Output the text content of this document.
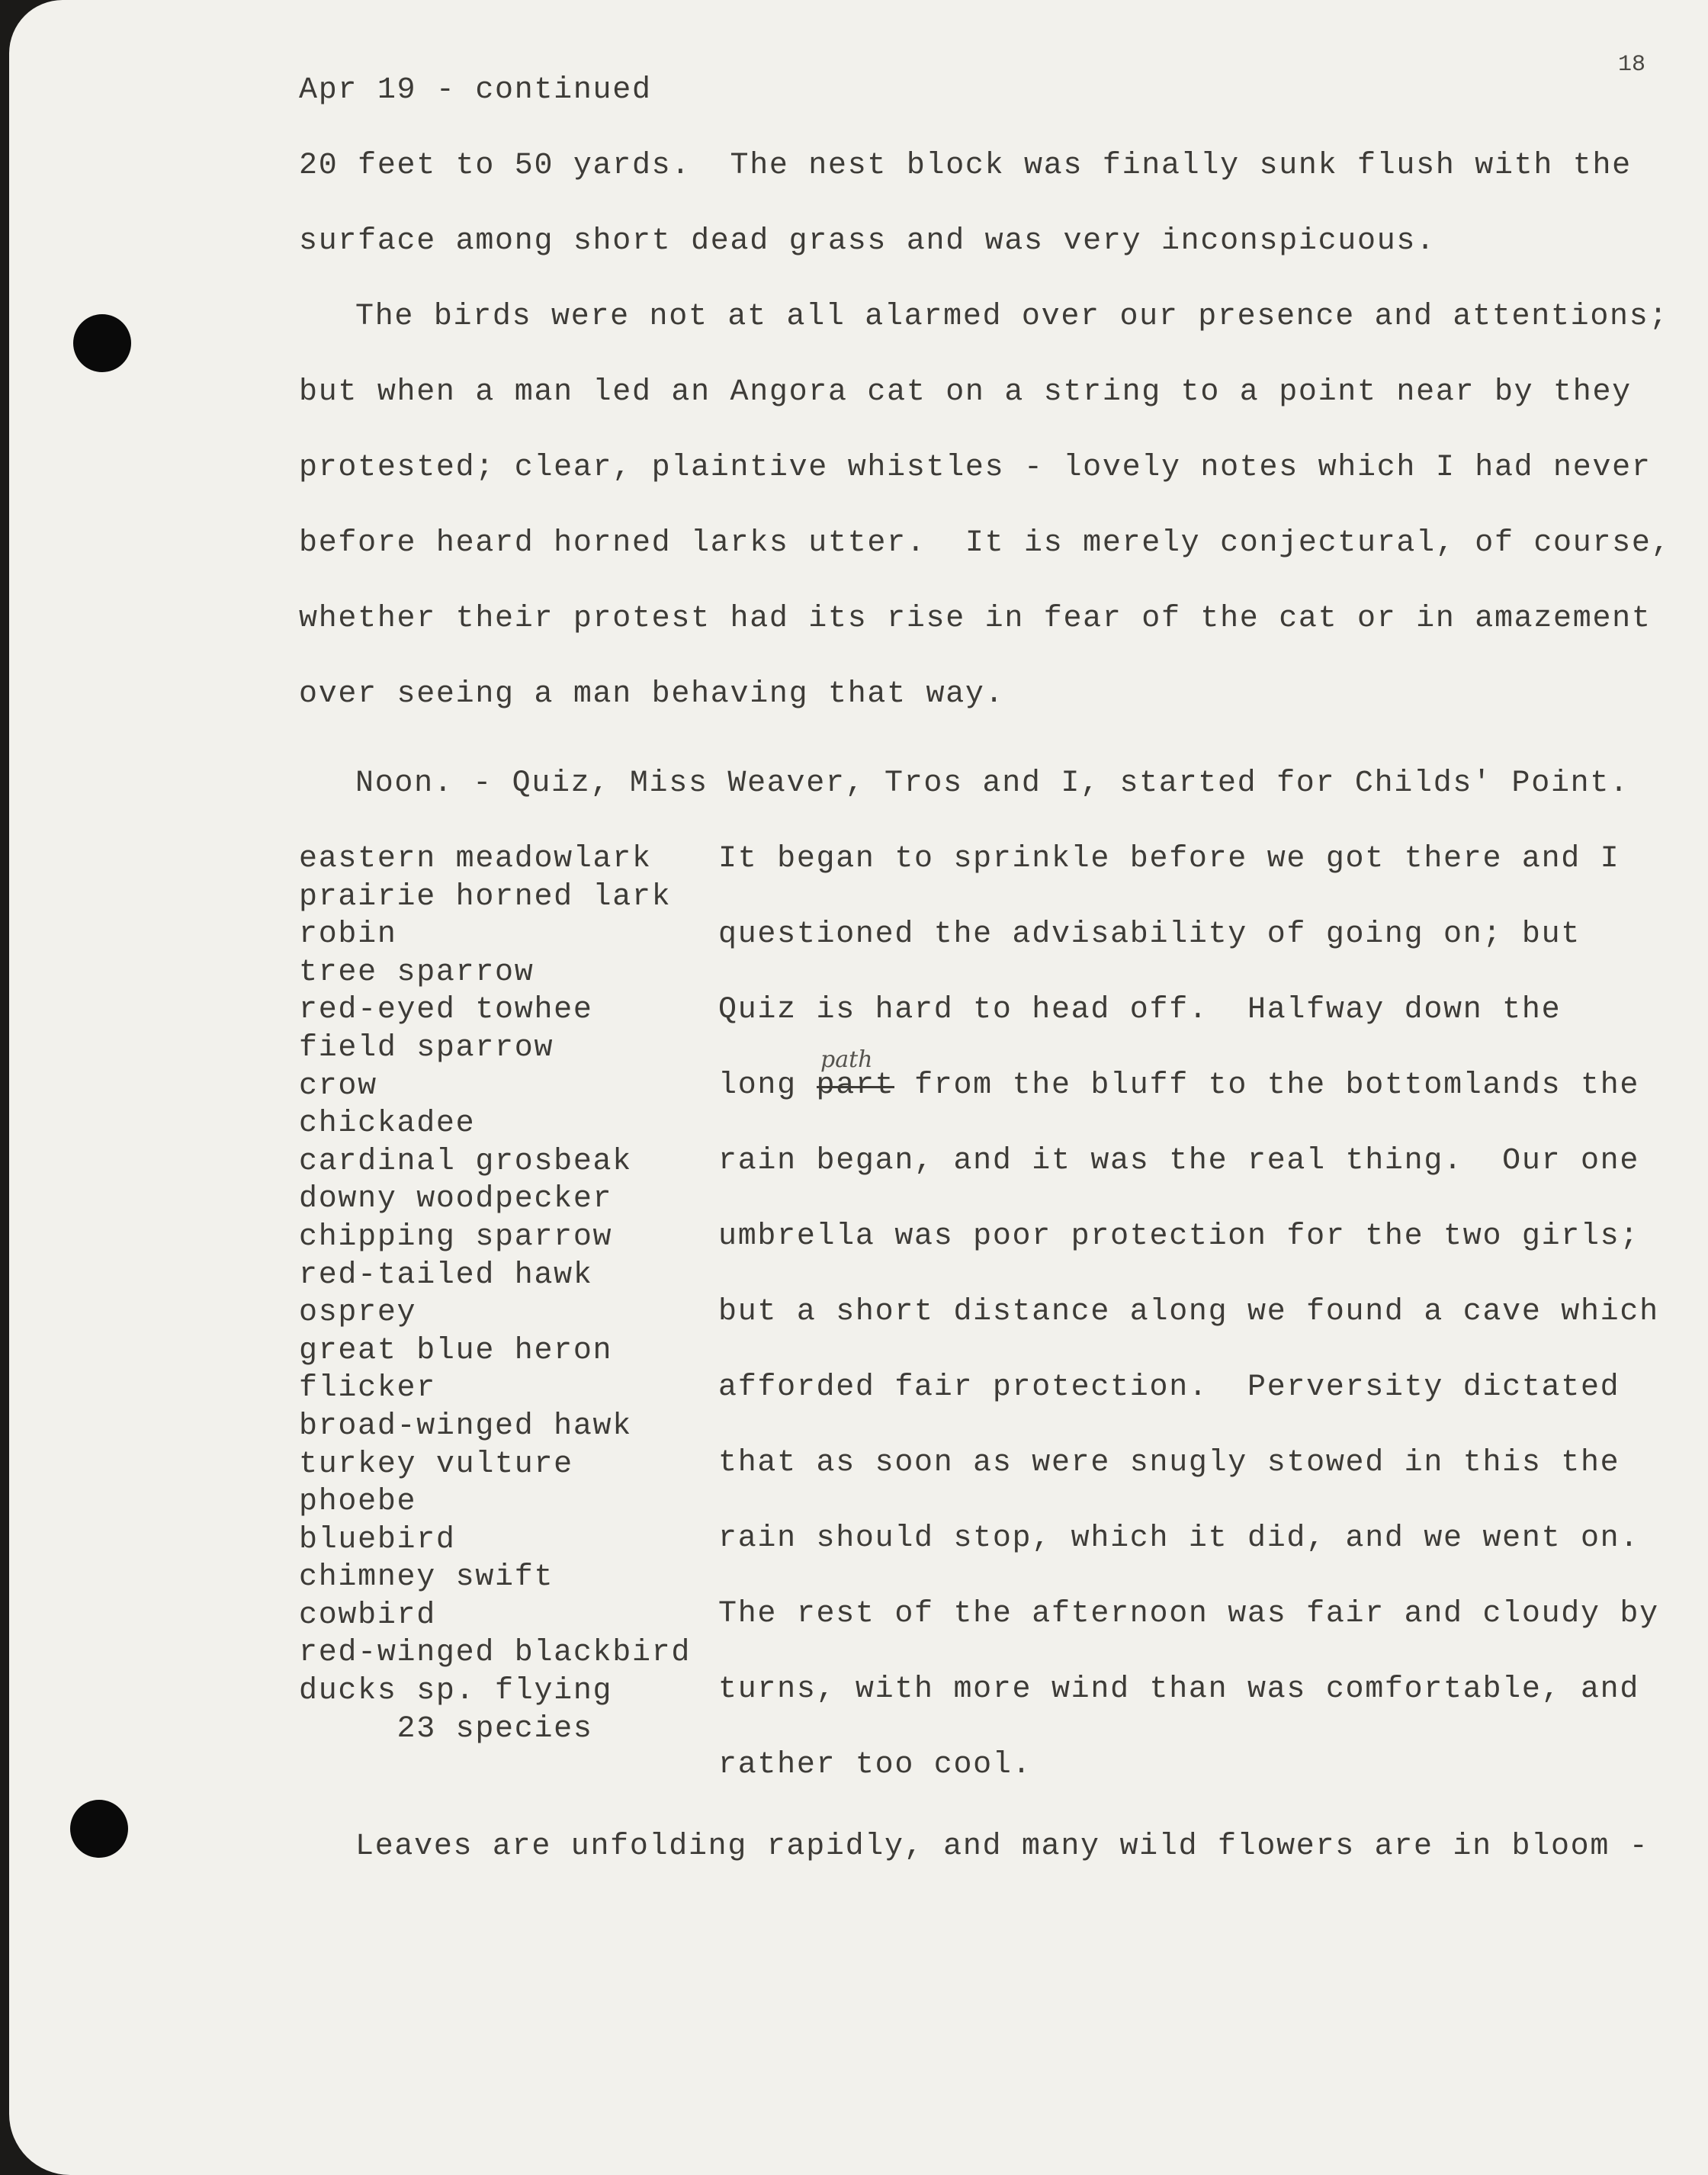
18

Apr 19 - continued

20 feet to 50 yards.  The nest block was finally sunk flush with the

surface among short dead grass and was very inconspicuous.

The birds were not at all alarmed over our presence and attentions;

but when a man led an Angora cat on a string to a point near by they

protested; clear, plaintive whistles - lovely notes which I had never

before heard horned larks utter.  It is merely conjectural, of course,

whether their protest had its rise in fear of the cat or in amazement

over seeing a man behaving that way.

Noon. - Quiz, Miss Weaver, Tros and I, started for Childs' Point.

eastern meadowlark
prairie horned lark
robin
tree sparrow
red-eyed towhee
field sparrow
crow
chickadee
cardinal grosbeak
downy woodpecker
chipping sparrow
red-tailed hawk
osprey
great blue heron
flicker
broad-winged hawk
turkey vulture
phoebe
bluebird
chimney swift
cowbird
red-winged blackbird
ducks sp. flying
23 species

It began to sprinkle before we got there and I

questioned the advisability of going on; but

Quiz is hard to head off.  Halfway down the

path

long part from the bluff to the bottomlands the

rain began, and it was the real thing.  Our one

umbrella was poor protection for the two girls;

but a short distance along we found a cave which

afforded fair protection.  Perversity dictated

that as soon as were snugly stowed in this the

rain should stop, which it did, and we went on.

The rest of the afternoon was fair and cloudy by

turns, with more wind than was comfortable, and

rather too cool.

Leaves are unfolding rapidly, and many wild flowers are in bloom -
